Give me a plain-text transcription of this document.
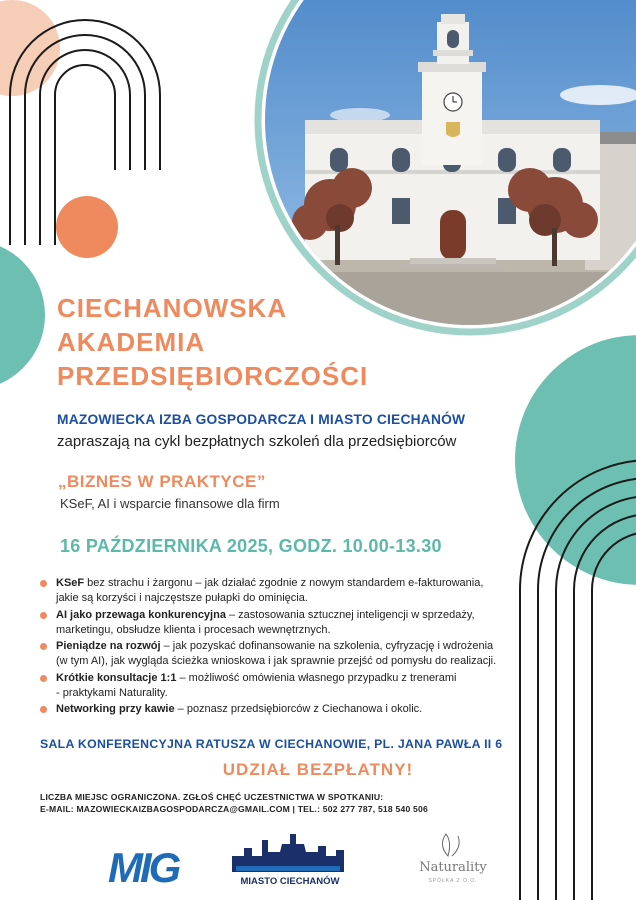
MIG
CIECHANOWSKA
AKADEMIA
PRZEDSIĘBIORCZOŚCI
MAZOWIECKA IZBA GOSPODARCZA I MIASTO CIECHANÓW
zapraszają na cykl bezpłatnych szkoleń dla przedsiębiorców
„BIZNES W PRAKTYCE”
KSeF, AI i wsparcie finansowe dla firm
16 PAŹDZIERNIKA 2025, GODZ. 10.00-13.30
KSeF bez strachu i żargonu – jak działać zgodnie z nowym standardem e-fakturowania,
jakie są korzyści i najczęstsze pułapki do ominięcia.
AI jako przewaga konkurencyjna – zastosowania sztucznej inteligencji w sprzedaży,
marketingu, obsłudze klienta i procesach wewnętrznych.
Pieniądze na rozwój – jak pozyskać dofinansowanie na szkolenia, cyfryzację i wdrożenia
(w tym AI), jak wygląda ścieżka wnioskowa i jak sprawnie przejść od pomysłu do realizacji.
Krótkie konsultacje 1:1 – możliwość omówienia własnego przypadku z trenerami
- praktykami Naturality.
Networking przy kawie – poznasz przedsiębiorców z Ciechanowa i okolic.
SALA KONFERENCYJNA RATUSZA W CIECHANOWIE, PL. JANA PAWŁA II 6
UDZIAŁ BEZPŁATNY!
LICZBA MIEJSC OGRANICZONA. ZGŁOŚ CHĘĆ UCZESTNICTWA W SPOTKANIU:
E-MAIL: MAZOWIECKAIZBAGOSPODARCZA@GMAIL.COM | TEL.: 502 277 787, 518 540 506
MIASTO CIECHANÓW
Naturality
SPÓŁKA Z O.O.
